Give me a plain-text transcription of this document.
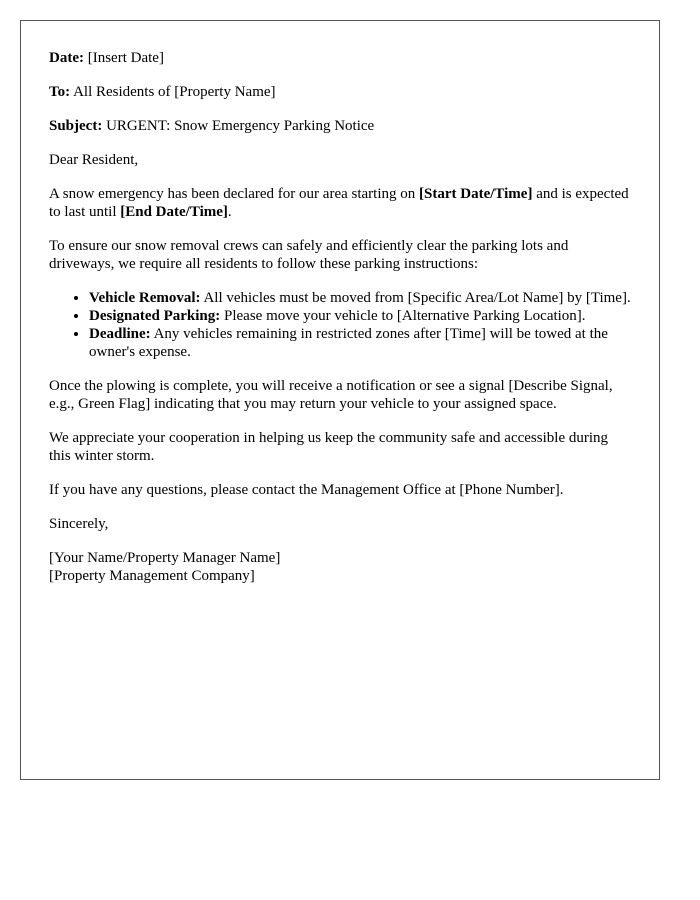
Date: [Insert Date]

To: All Residents of [Property Name]

Subject: URGENT: Snow Emergency Parking Notice

Dear Resident,

A snow emergency has been declared for our area starting on [Start Date/Time] and is expected to last until [End Date/Time].

To ensure our snow removal crews can safely and efficiently clear the parking lots and driveways, we require all residents to follow these parking instructions:

• Vehicle Removal: All vehicles must be moved from [Specific Area/Lot Name] by [Time].
• Designated Parking: Please move your vehicle to [Alternative Parking Location].
• Deadline: Any vehicles remaining in restricted zones after [Time] will be towed at the owner's expense.

Once the plowing is complete, you will receive a notification or see a signal [Describe Signal, e.g., Green Flag] indicating that you may return your vehicle to your assigned space.

We appreciate your cooperation in helping us keep the community safe and accessible during this winter storm.

If you have any questions, please contact the Management Office at [Phone Number].

Sincerely,

[Your Name/Property Manager Name]
[Property Management Company]
